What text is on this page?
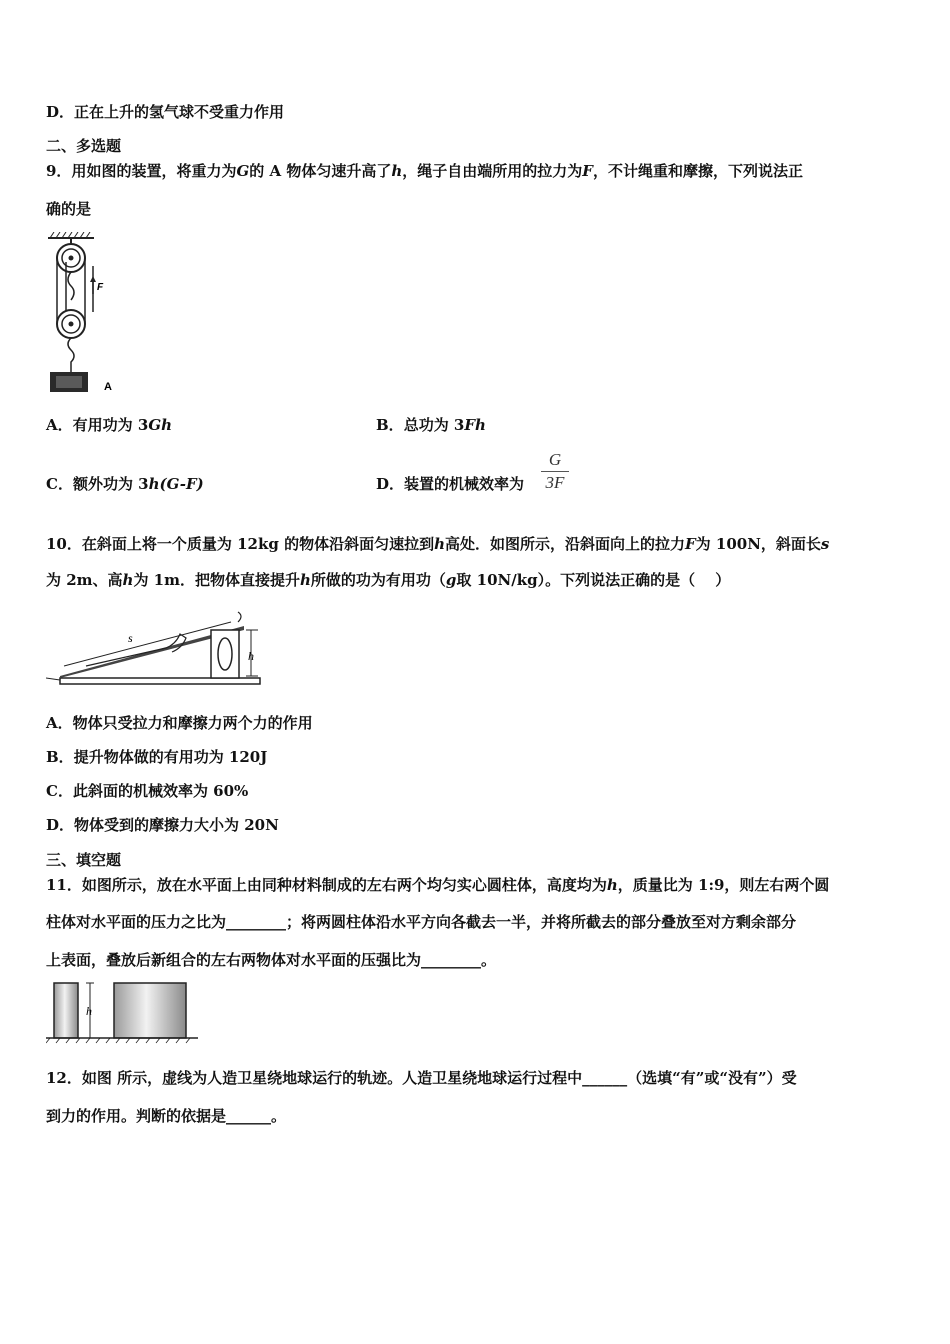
D．正在上升的氢气球不受重力作用
二、多选题
9．用如图的装置，将重力为G的 A 物体匀速升高了h，绳子自由端所用的拉力为F，不计绳重和摩擦，下列说法正
确的是
F
A
A．有用功为 3Gh	B．总功为 3Fh
C．额外功为 3h(G-F)	D．装置的机械效率为
G
3F
10．在斜面上将一个质量为 12kg 的物体沿斜面匀速拉到h高处．如图所示，沿斜面向上的拉力F为 100N，斜面长s
为 2m、高h为 1m．把物体直接提升h所做的功为有用功（g取 10N/kg）。下列说法正确的是（　 ）
h
s
A．物体只受拉力和摩擦力两个力的作用
B．提升物体做的有用功为 120J
C．此斜面的机械效率为 60%
D．物体受到的摩擦力大小为 20N
三、填空题
11．如图所示，放在水平面上由同种材料制成的左右两个均匀实心圆柱体，高度均为h，质量比为 1:9，则左右两个圆
柱体对水平面的压力之比为________；将两圆柱体沿水平方向各截去一半，并将所截去的部分叠放至对方剩余部分
上表面，叠放后新组合的左右两物体对水平面的压强比为________。
h
12．如图 所示，虚线为人造卫星绕地球运行的轨迹。人造卫星绕地球运行过程中______（选填“有”或“没有”）受
到力的作用。判断的依据是______。
